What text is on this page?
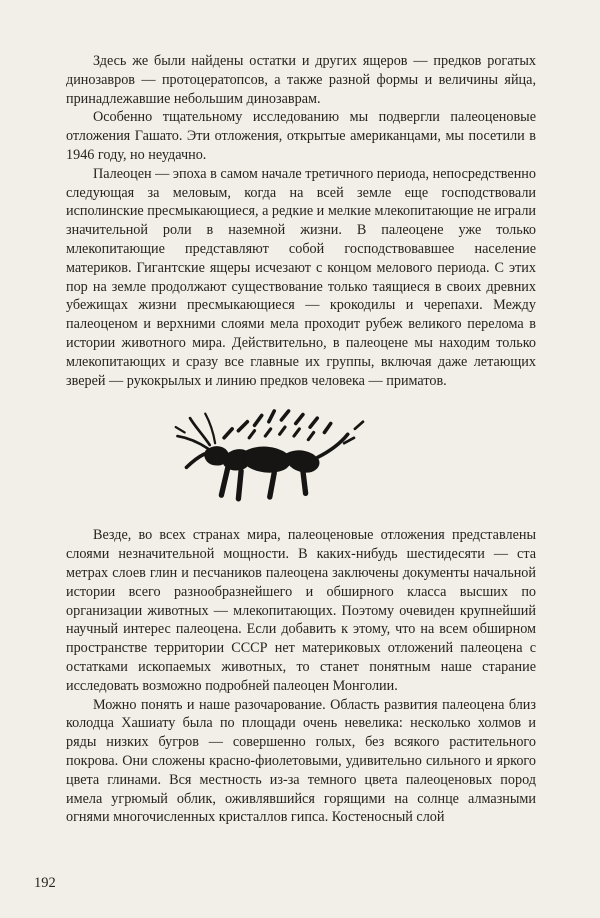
Здесь же были найдены остатки и других ящеров — предков рогатых динозавров — протоцератопсов, а также разной формы и величины яйца, принадлежавшие небольшим динозаврам.

Особенно тщательному исследованию мы подвергли палеоценовые отложения Гашато. Эти отложения, открытые американцами, мы посетили в 1946 году, но неудачно.

Палеоцен — эпоха в самом начале третичного периода, непосредственно следующая за меловым, когда на всей земле еще господствовали исполинские пресмыкающиеся, а редкие и мелкие млекопитающие не играли значительной роли в наземной жизни. В палеоцене уже только млекопитающие представляют собой господствовавшее население материков. Гигантские ящеры исчезают с концом мелового периода. С этих пор на земле продолжают существование только таящиеся в своих древних убежищах жизни пресмыкающиеся — крокодилы и черепахи. Между палеоценом и верхними слоями мела проходит рубеж великого перелома в истории животного мира. Действительно, в палеоцене мы находим только млекопитающих и сразу все главные их группы, включая даже летающих зверей — рукокрылых и линию предков человека — приматов.

Везде, во всех странах мира, палеоценовые отложения представлены слоями незначительной мощности. В каких-нибудь шестидесяти — ста метрах слоев глин и песчаников палеоцена заключены документы начальной истории всего разнообразнейшего и обширного класса высших по организации животных — млекопитающих. Поэтому очевиден крупнейший научный интерес палеоцена. Если добавить к этому, что на всем обширном пространстве территории СССР нет материковых отложений палеоцена с остатками ископаемых животных, то станет понятным наше старание исследовать возможно подробней палеоцен Монголии.

Можно понять и наше разочарование. Область развития палеоцена близ колодца Хашиату была по площади очень невелика: несколько холмов и ряды низких бугров — совершенно голых, без всякого растительного покрова. Они сложены красно-фиолетовыми, удивительно сильного и яркого цвета глинами. Вся местность из-за темного цвета палеоценовых пород имела угрюмый облик, оживлявшийся горящими на солнце алмазными огнями многочисленных кристаллов гипса. Костеносный слой

192
